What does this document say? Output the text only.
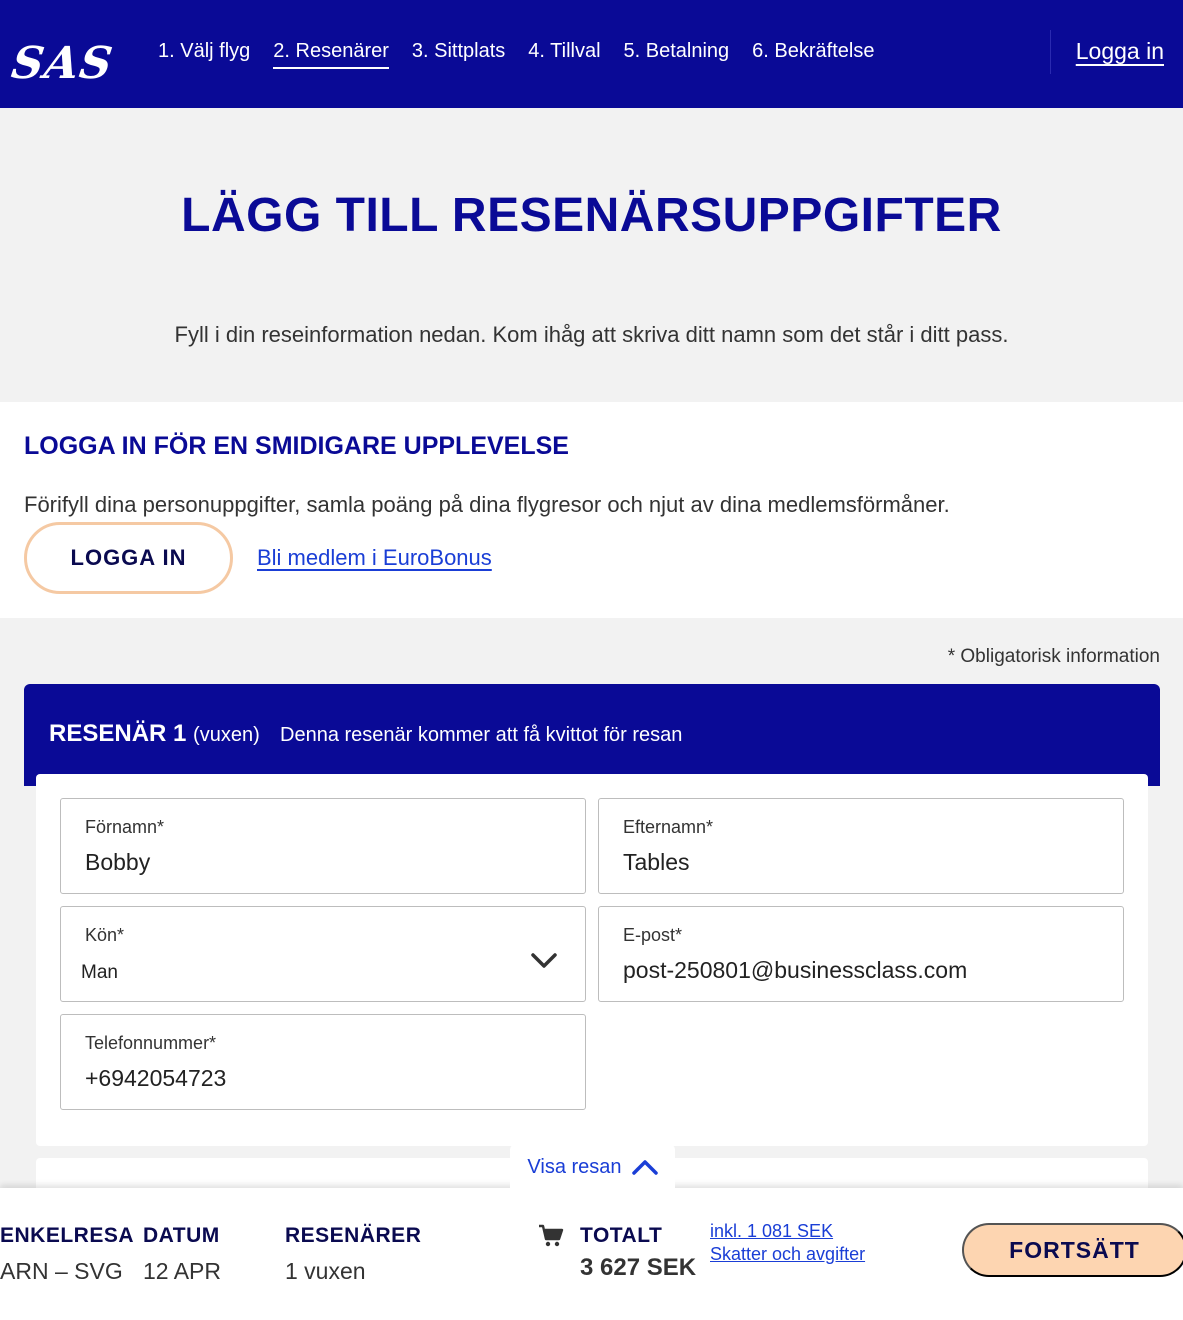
SAS 1. Välj flyg 2. Resenärer 3. Sittplats 4. Tillval 5. Betalning 6. Bekräftelse	Logga in
LÄGG TILL RESENÄRSUPPGIFTER

Fyll i din reseinformation nedan. Kom ihåg att skriva ditt namn som det står i ditt pass.

LOGGA IN FÖR EN SMIDIGARE UPPLEVELSE

Förifyll dina personuppgifter, samla poäng på dina flygresor och njut av dina medlemsförmåner.

LOGGA IN	Bli medlem i EuroBonus
* Obligatorisk information
RESENÄR 1 (vuxen) Denna resenär kommer att få kvittot för resan
Förnamn*
Bobby
Efternamn*
Tables
Kön*
Man
E-post*
post-250801@businessclass.com
Telefonnummer*
+6942054723
ENKELRESA
ARN – SVG
DATUM
12 APR
RESENÄRER
1 vuxen
TOTALT
3 627 SEK
inkl. 1 081 SEK
Skatter och avgifter	FORTSÄTT
Visa resan
